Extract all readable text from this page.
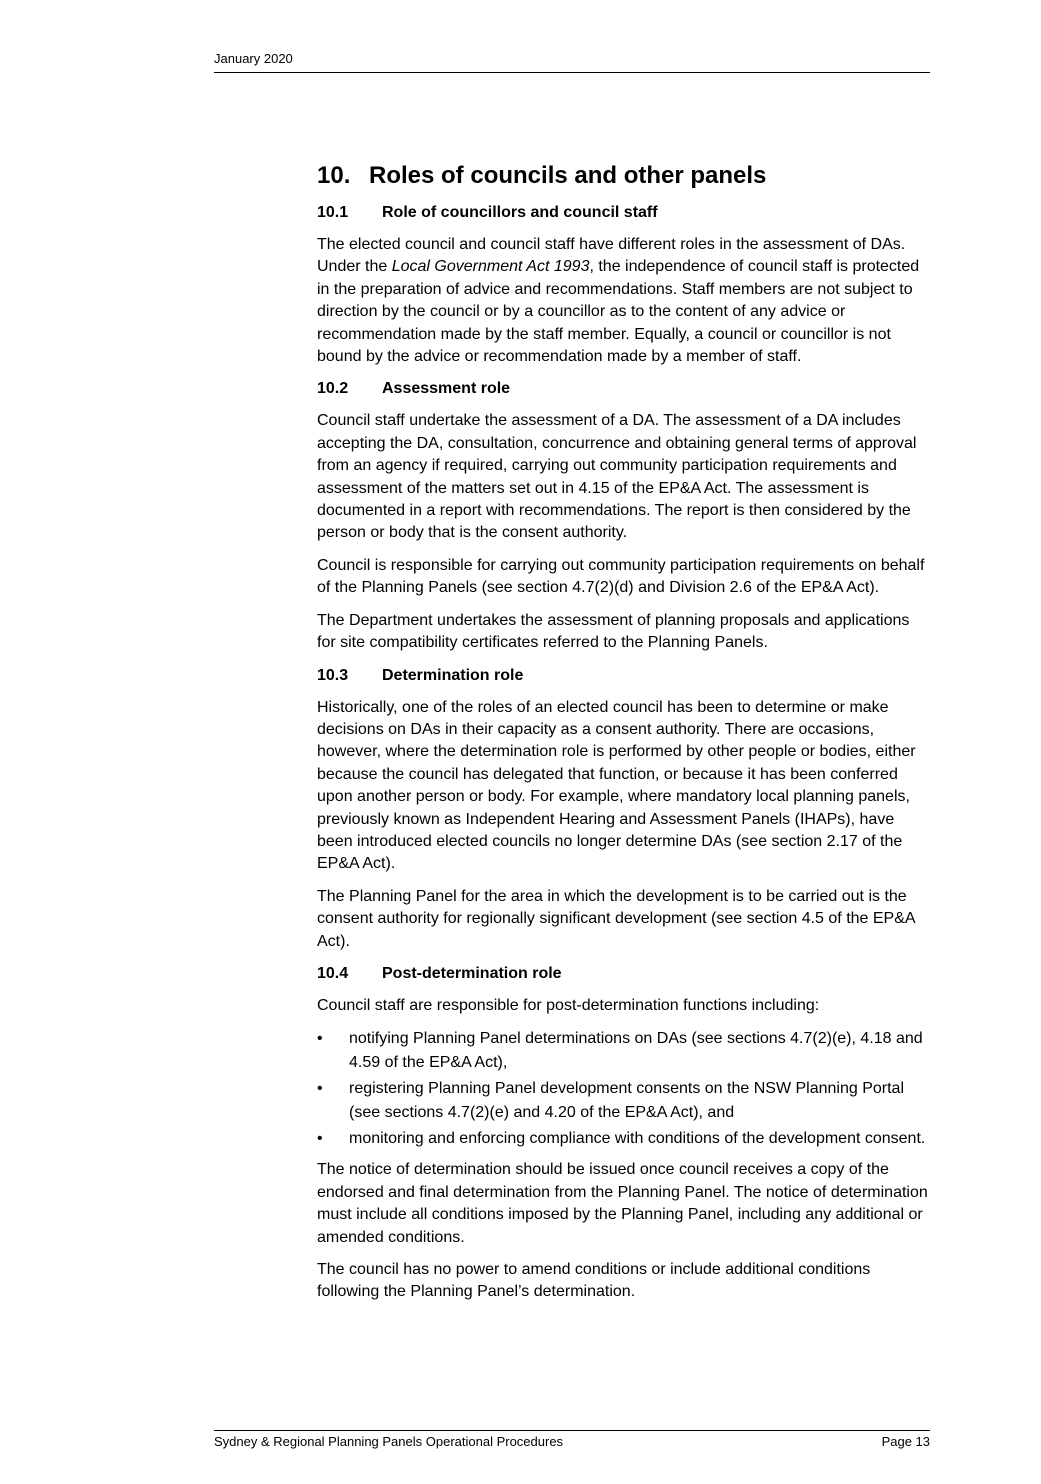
January 2020
10. Roles of councils and other panels
10.1 Role of councillors and council staff

The elected council and council staff have different roles in the assessment of DAs. Under the Local Government Act 1993, the independence of council staff is protected in the preparation of advice and recommendations. Staff members are not subject to direction by the council or by a councillor as to the content of any advice or recommendation made by the staff member. Equally, a council or councillor is not bound by the advice or recommendation made by a member of staff.

10.2 Assessment role

Council staff undertake the assessment of a DA. The assessment of a DA includes accepting the DA, consultation, concurrence and obtaining general terms of approval from an agency if required, carrying out community participation requirements and assessment of the matters set out in 4.15 of the EP&A Act. The assessment is documented in a report with recommendations. The report is then considered by the person or body that is the consent authority.

Council is responsible for carrying out community participation requirements on behalf of the Planning Panels (see section 4.7(2)(d) and Division 2.6 of the EP&A Act).

The Department undertakes the assessment of planning proposals and applications for site compatibility certificates referred to the Planning Panels.

10.3 Determination role

Historically, one of the roles of an elected council has been to determine or make decisions on DAs in their capacity as a consent authority. There are occasions, however, where the determination role is performed by other people or bodies, either because the council has delegated that function, or because it has been conferred upon another person or body. For example, where mandatory local planning panels, previously known as Independent Hearing and Assessment Panels (IHAPs), have been introduced elected councils no longer determine DAs (see section 2.17 of the EP&A Act).

The Planning Panel for the area in which the development is to be carried out is the consent authority for regionally significant development (see section 4.5 of the EP&A Act).

10.4 Post-determination role

Council staff are responsible for post-determination functions including:

• notifying Planning Panel determinations on DAs (see sections 4.7(2)(e), 4.18 and 4.59 of the EP&A Act),
• registering Planning Panel development consents on the NSW Planning Portal (see sections 4.7(2)(e) and 4.20 of the EP&A Act), and
• monitoring and enforcing compliance with conditions of the development consent.

The notice of determination should be issued once council receives a copy of the endorsed and final determination from the Planning Panel. The notice of determination must include all conditions imposed by the Planning Panel, including any additional or amended conditions.

The council has no power to amend conditions or include additional conditions following the Planning Panel’s determination.

Sydney & Regional Planning Panels Operational Procedures	Page 13
